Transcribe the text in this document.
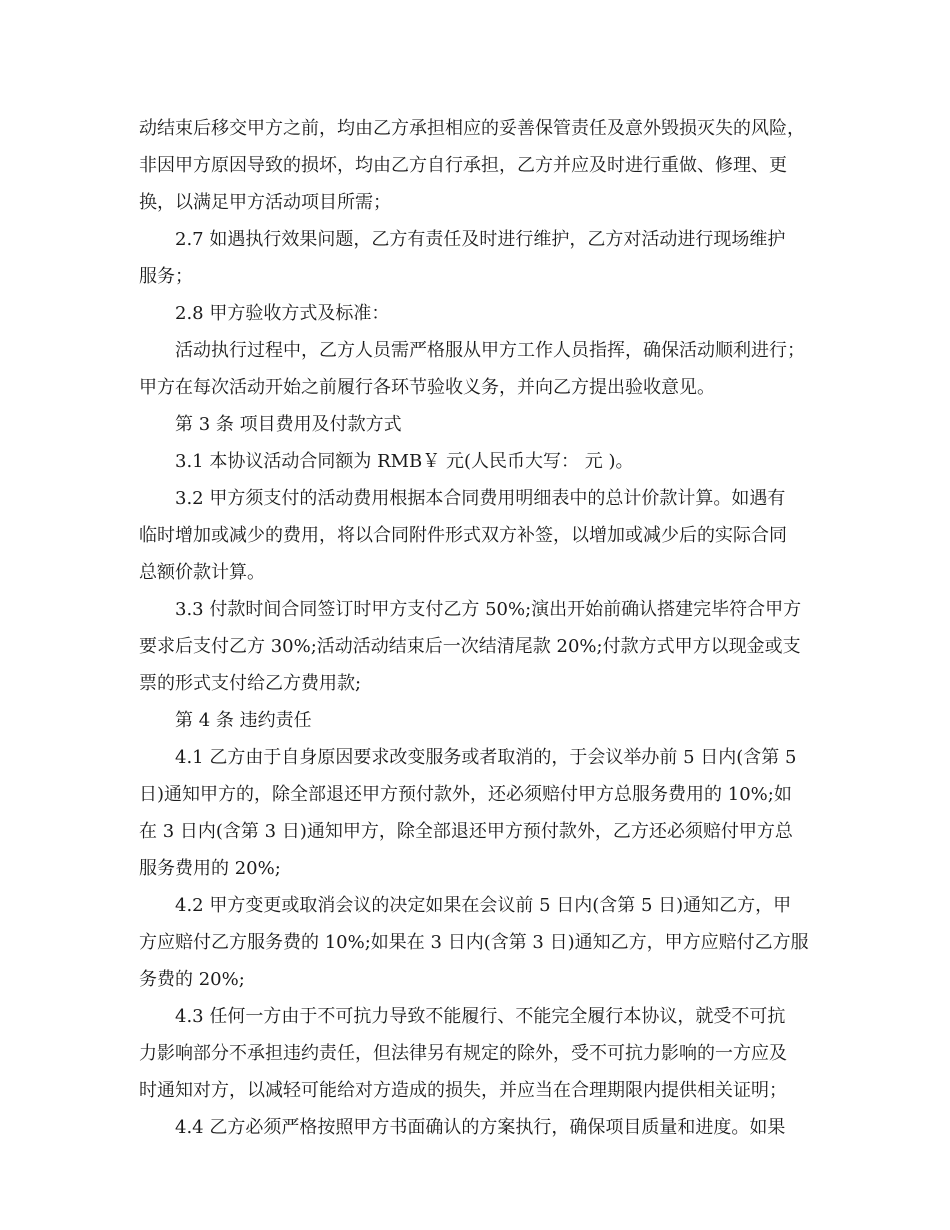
动结束后移交甲方之前，均由乙方承担相应的妥善保管责任及意外毁损灭失的风险，
非因甲方原因导致的损坏，均由乙方自行承担，乙方并应及时进行重做、修理、更
换，以满足甲方活动项目所需；
2.7 如遇执行效果问题，乙方有责任及时进行维护，乙方对活动进行现场维护
服务；
2.8 甲方验收方式及标准：
活动执行过程中，乙方人员需严格服从甲方工作人员指挥，确保活动顺利进行；
甲方在每次活动开始之前履行各环节验收义务，并向乙方提出验收意见。
第 3 条 项目费用及付款方式
3.1 本协议活动合同额为 RMB￥ 元(人民币大写： 元 )。
3.2 甲方须支付的活动费用根据本合同费用明细表中的总计价款计算。如遇有
临时增加或减少的费用，将以合同附件形式双方补签，以增加或减少后的实际合同
总额价款计算。
3.3 付款时间合同签订时甲方支付乙方 50%;演出开始前确认搭建完毕符合甲方
要求后支付乙方 30%;活动活动结束后一次结清尾款 20%;付款方式甲方以现金或支
票的形式支付给乙方费用款;
第 4 条 违约责任
4.1 乙方由于自身原因要求改变服务或者取消的，于会议举办前 5 日内(含第 5
日)通知甲方的，除全部退还甲方预付款外，还必须赔付甲方总服务费用的 10%;如
在 3 日内(含第 3 日)通知甲方，除全部退还甲方预付款外，乙方还必须赔付甲方总
服务费用的 20%;
4.2 甲方变更或取消会议的决定如果在会议前 5 日内(含第 5 日)通知乙方，甲
方应赔付乙方服务费的 10%;如果在 3 日内(含第 3 日)通知乙方，甲方应赔付乙方服
务费的 20%;
4.3 任何一方由于不可抗力导致不能履行、不能完全履行本协议，就受不可抗
力影响部分不承担违约责任，但法律另有规定的除外，受不可抗力影响的一方应及
时通知对方，以减轻可能给对方造成的损失，并应当在合理期限内提供相关证明；
4.4 乙方必须严格按照甲方书面确认的方案执行，确保项目质量和进度。如果
